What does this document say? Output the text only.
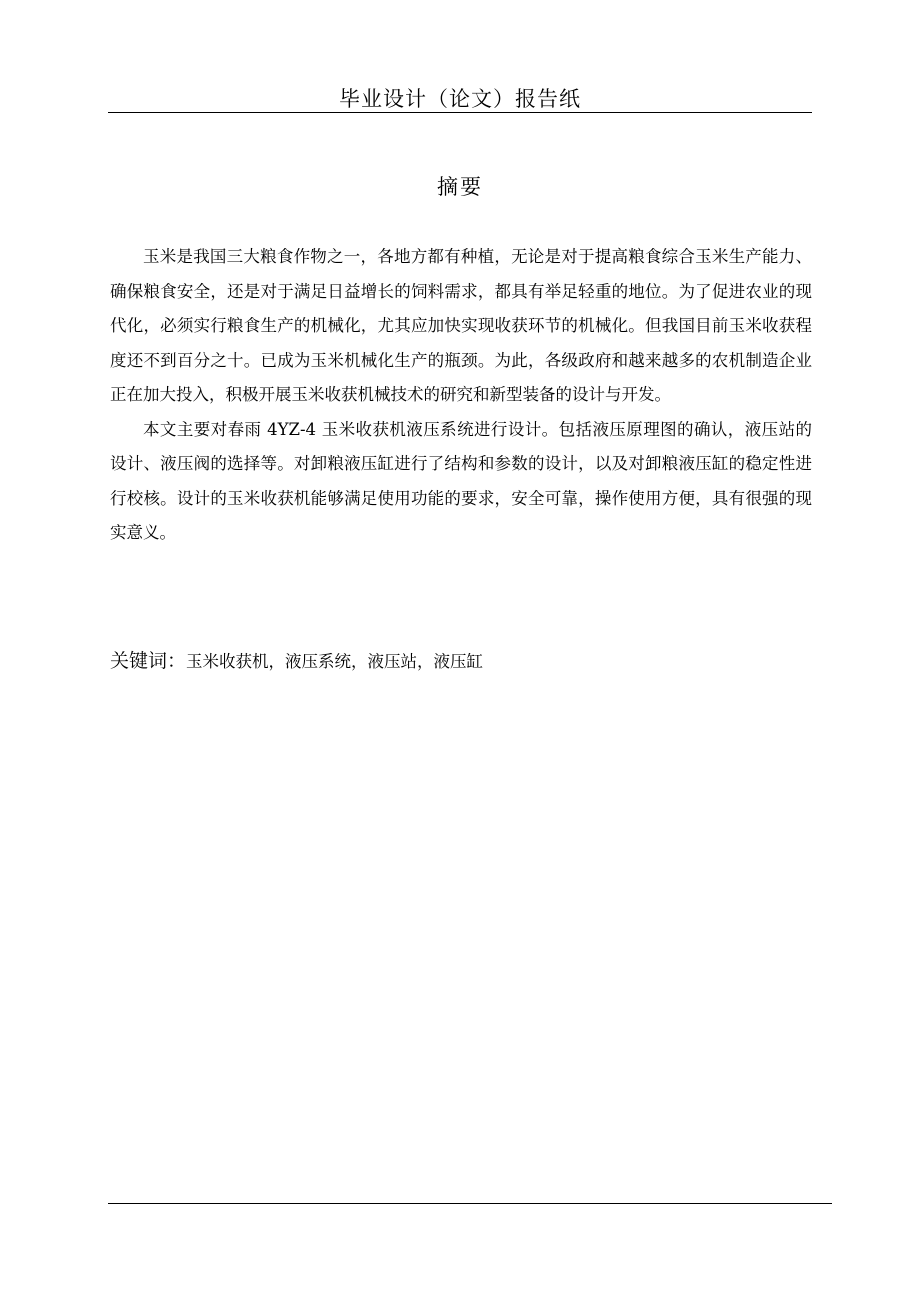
毕业设计（论文）报告纸
摘要

玉米是我国三大粮食作物之一，各地方都有种植，无论是对于提高粮食综合玉米生产能力、确保粮食安全，还是对于满足日益增长的饲料需求，都具有举足轻重的地位。为了促进农业的现代化，必须实行粮食生产的机械化，尤其应加快实现收获环节的机械化。但我国目前玉米收获程度还不到百分之十。已成为玉米机械化生产的瓶颈。为此，各级政府和越来越多的农机制造企业正在加大投入，积极开展玉米收获机械技术的研究和新型装备的设计与开发。

本文主要对春雨 4YZ-4 玉米收获机液压系统进行设计。包括液压原理图的确认，液压站的设计、液压阀的选择等。对卸粮液压缸进行了结构和参数的设计，以及对卸粮液压缸的稳定性进行校核。设计的玉米收获机能够满足使用功能的要求，安全可靠，操作使用方便，具有很强的现实意义。

关键词：玉米收获机，液压系统，液压站，液压缸
